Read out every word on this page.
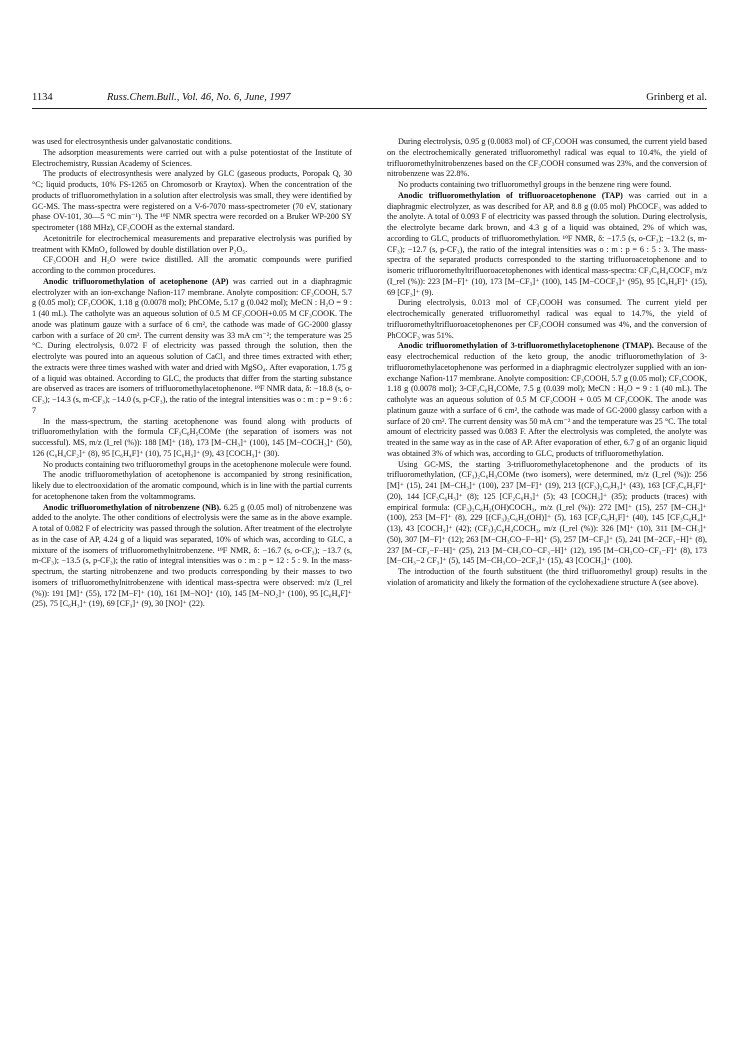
1134	Russ.Chem.Bull., Vol. 46, No. 6, June, 1997	Grinberg et al.

was used for electrosynthesis under galvanostatic conditions.

The adsorption measurements were carried out with a pulse potentiostat of the Institute of Electrochemistry, Russian Academy of Sciences.

The products of electrosynthesis were analyzed by GLC (gaseous products, Poropak Q, 30 °C; liquid products, 10% FS-1265 on Chromosorb or Kraytox). When the concentration of the products of trifluoromethylation in a solution after electrolysis was small, they were identified by GC-MS. The mass-spectra were registered on a V-6-7070 mass-spectrometer (70 eV, stationary phase OV-101, 30—5 °C min⁻¹). The ¹⁹F NMR spectra were recorded on a Bruker WP-200 SY spectrometer (188 MHz), CF₃COOH as the external standard.

Acetonitrile for electrochemical measurements and preparative electrolysis was purified by treatment with KMnO₄ followed by double distillation over P₂O₅.

CF₃COOH and H₂O were twice distilled. All the aromatic compounds were purified according to the common procedures.

Anodic trifluoromethylation of acetophenone (AP) was carried out in a diaphragmic electrolyzer with an ion-exchange Nafion-117 membrane. Anolyte composition: CF₃COOH, 5.7 g (0.05 mol); CF₃COOK, 1.18 g (0.0078 mol); PhCOMe, 5.17 g (0.042 mol); MeCN : H₂O = 9 : 1 (40 mL). The catholyte was an aqueous solution of 0.5 M CF₃COOH+0.05 M CF₃COOK. The anode was platinum gauze with a surface of 6 cm², the cathode was made of GC-2000 glassy carbon with a surface of 20 cm². The current density was 33 mA cm⁻²; the temperature was 25 °C. During electrolysis, 0.072 F of electricity was passed through the solution, then the electrolyte was poured into an aqueous solution of CaCl₂ and three times extracted with ether; the extracts were three times washed with water and dried with MgSO₄. After evaporation, 1.75 g of a liquid was obtained. According to GLC, the products that differ from the starting substance are observed as traces are isomers of trifluoromethylacetophenone. ¹⁹F NMR data, δ: −18.8 (s, o-CF₃); −14.3 (s, m-CF₃); −14.0 (s, p-CF₃), the ratio of the integral intensities was o : m : p = 9 : 6 : 7

In the mass-spectrum, the starting acetophenone was found along with products of trifluoromethylation with the formula CF₃C₆H₅COMe (the separation of isomers was not successful). MS, m/z (I_rel (%)): 188 [M]⁺ (18), 173 [M−CH₃]⁺ (100), 145 [M−COCH₃]⁺ (50), 126 (C₆H₄CF₂]⁺ (8), 95 [C₆H₄F]⁺ (10), 75 [C₆H₃]⁺ (9), 43 [COCH₃]⁺ (30).

No products containing two trifluoromethyl groups in the acetophenone molecule were found.

The anodic trifluoromethylation of acetophenone is accompanied by strong resinification, likely due to electrooxidation of the aromatic compound, which is in line with the partial currents for acetophenone taken from the voltammograms.

Anodic trifluoromethylation of nitrobenzene (NB). 6.25 g (0.05 mol) of nitrobenzene was added to the anolyte. The other conditions of electrolysis were the same as in the above example. A total of 0.082 F of electricity was passed through the solution. After treatment of the electrolyte as in the case of AP, 4.24 g of a liquid was separated, 10% of which was, according to GLC, a mixture of the isomers of trifluoromethylnitrobenzene. ¹⁹F NMR, δ: −16.7 (s, o-CF₃); −13.7 (s, m-CF₃); −13.5 (s, p-CF₃); the ratio of integral intensities was o : m : p = 12 : 5 : 9. In the mass-spectrum, the starting nitrobenzene and two products corresponding by their masses to two isomers of trifluoromethylnitrobenzene with identical mass-spectra were observed: m/z (I_rel (%)): 191 [M]⁺ (55), 172 [M−F]⁺ (10), 161 [M−NO]⁺ (10), 145 [M−NO₂]⁺ (100), 95 [C₆H₄F]⁺ (25), 75 [C₆H₃]⁺ (19), 69 [CF₃]⁺ (9), 30 [NO]⁺ (22).

During electrolysis, 0.95 g (0.0083 mol) of CF₃COOH was consumed, the current yield based on the electrochemically generated trifluoromethyl radical was equal to 10.4%, the yield of trifluoromethylnitrobenzenes based on the CF₃COOH consumed was 23%, and the conversion of nitrobenzene was 22.8%.

No products containing two trifluoromethyl groups in the benzene ring were found.

Anodic trifluoromethylation of trifluoroacetophenone (TAP) was carried out in a diaphragmic electrolyzer, as was described for AP, and 8.8 g (0.05 mol) PhCOCF₃ was added to the anolyte. A total of 0.093 F of electricity was passed through the solution. During electrolysis, the electrolyte became dark brown, and 4.3 g of a liquid was obtained, 2% of which was, according to GLC, products of trifluoromethylation. ¹⁹F NMR, δ: −17.5 (s, o-CF₃); −13.2 (s, m-CF₃); −12.7 (s, p-CF₃), the ratio of the integral intensities was o : m : p = 6 : 5 : 3. The mass-spectra of the separated products corresponded to the starting trifluoroacetophenone and to isomeric trifluoromethyltrifluoroacetophenones with identical mass-spectra: CF₃C₆H₄COCF₃ m/z (I_rel (%)): 223 [M−F]⁺ (10), 173 [M−CF₃]⁺ (100), 145 [M−COCF₃]⁺ (95), 95 [C₆H₄F]⁺ (15), 69 [CF₃]⁺ (9).

During electrolysis, 0.013 mol of CF₃COOH was consumed. The current yield per electrochemically generated trifluoromethyl radical was equal to 14.7%, the yield of trifluoromethyltrifluoroacetophenones per CF₃COOH consumed was 4%, and the conversion of PhCOCF₃ was 51%.

Anodic trifluoromethylation of 3-trifluoromethylacetophenone (TMAP). Because of the easy electrochemical reduction of the keto group, the anodic trifluoromethylation of 3-trifluoromethylacetophenone was performed in a diaphragmic electrolyzer supplied with an ion-exchange Nafion-117 membrane. Anolyte composition: CF₃COOH, 5.7 g (0.05 mol); CF₃COOK, 1.18 g (0.0078 mol); 3-CF₃C₆H₄COMe, 7.5 g (0.039 mol); MeCN : H₂O = 9 : 1 (40 mL). The catholyte was an aqueous solution of 0.5 M CF₃COOH + 0.05 M CF₃COOK. The anode was platinum gauze with a surface of 6 cm², the cathode was made of GC-2000 glassy carbon with a surface of 20 cm². The current density was 50 mA cm⁻² and the temperature was 25 °C. The total amount of electricity passed was 0.083 F. After the electrolysis was completed, the anolyte was treated in the same way as in the case of AP. After evaporation of ether, 6.7 g of an organic liquid was obtained 3% of which was, according to GLC, products of trifluoromethylation.

Using GC-MS, the starting 3-trifluoromethylacetophenone and the products of its trifluoromethylation, (CF₃)₂C₆H₃COMe (two isomers), were determined, m/z (I_rel (%)): 256 [M]⁺ (15), 241 [M−CH₃]⁺ (100), 237 [M−F]⁺ (19), 213 [(CF₃)₂C₆H₃]⁺ (43), 163 [CF₃C₆H₃F]⁺ (20), 144 [CF₃C₆H₃]⁺ (8); 125 [CF₂C₆H₃]⁺ (5); 43 [COCH₃]⁺ (35); products (traces) with empirical formula: (CF₃)₂C₆H₂(OH)COCH₃, m/z (I_rel (%)): 272 [M]⁺ (15), 257 [M−CH₃]⁺ (100), 253 [M−F]⁺ (8), 229 [(CF₃)₂C₆H₂(OH)]⁺ (5), 163 [CF₃C₆H₃F]⁺ (40), 145 [CF₃C₆H₄]⁺ (13), 43 [COCH₃]⁺ (42); (CF₃)₃C₆H₄COCH₃, m/z (I_rel (%)): 326 [M]⁺ (10), 311 [M−CH₃]⁺ (50), 307 [M−F]⁺ (12); 263 [M−CH₃CO−F−H]⁺ (5), 257 [M−CF₃]⁺ (5), 241 [M−2CF₃−H]⁺ (8), 237 [M−CF₃−F−H]⁺ (25), 213 [M−CH₃CO−CF₃−H]⁺ (12), 195 [M−CH₃CO−CF₃−F]⁺ (8), 173 [M−CH₃−2 CF₃]⁺ (5), 145 [M−CH₃CO−2CF₃]⁺ (15), 43 [COCH₃]⁺ (100).

The introduction of the fourth substituent (the third trifluoromethyl group) results in the violation of aromaticity and likely the formation of the cyclohexadiene structure A (see above).
